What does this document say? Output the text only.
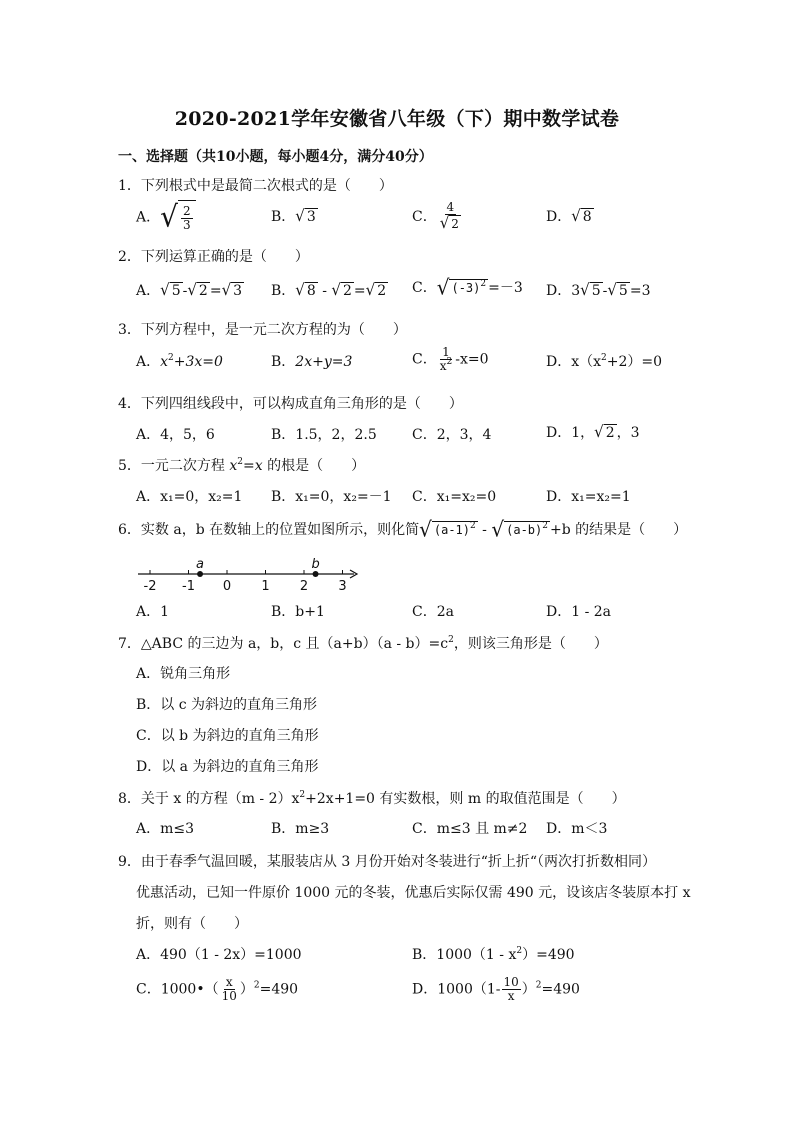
2020-2021学年安徽省八年级（下）期中数学试卷
一、选择题（共10小题，每小题4分，满分40分）
1．下列根式中是最简二次根式的是（　　）
A． √ $\frac{2}{3}$	B． √ 3	C． $\frac{4}{√ 2}$	D． √ 8
2．下列运算正确的是（　　）
A． √ 5 - √ 2 = √ 3 B． √ 8 - √ 2 = √ 2 C． √ $(-3)^2 =-3$ D．3 √ 5 - √ 5 =3
3．下列方程中，是一元二次方程的为（　　）
A．$x^2+3x=0$	B．2x+y=3	C． $\frac{1}{x^2} -x=0$	D．$x(x^2+2)=0$
4．下列四组线段中，可以构成直角三角形的是（　　）
A．4，5，6	B．1.5，2，2.5	C．2，3，4	D．1， √ 2 ，3
5．一元二次方程 $x^2=x$ 的根是（　　）
A．x₁=0，x₂=1 B．x₁=0，x₂=－1 C．x₁=x₂=0	D．x₁=x₂=1
6．实数 a，b 在数轴上的位置如图所示，则化简 √ $(a-1)^2$ - √ $(a-b)^2 +b$ 的结果是（　　）
-2 -1 0 1 2 3
a	b
A．1	B．b+1	C．2a	D．1 - 2a
7．△ABC 的三边为 a，b，c 且$(a+b)(a - b)=c^2$，则该三角形是（　　）
A．锐角三角形
B．以 c 为斜边的直角三角形
C．以 b 为斜边的直角三角形
D．以 a 为斜边的直角三角形
8．关于 x 的方程$(m - 2)x^2+2x+1=0$ 有实数根，则 m 的取值范围是（　　）
A．m≤3	B．m≥3	C．m≤3 且 m≠2 D．m＜3
9．由于春季气温回暖，某服装店从 3 月份开始对冬装进行“折上折“（两次打折数相同）
优惠活动，已知一件原价 1000 元的冬装，优惠后实际仅需 490 元，设该店冬装原本打 x
折，则有（　　）
A．490（1 - 2x）=1000	B．$1000(1 - x^2)=490$
C．1000•（ $\frac{x}{10} )^2=490$	D．$1000(1- \frac{10}{x} )^2=490$
